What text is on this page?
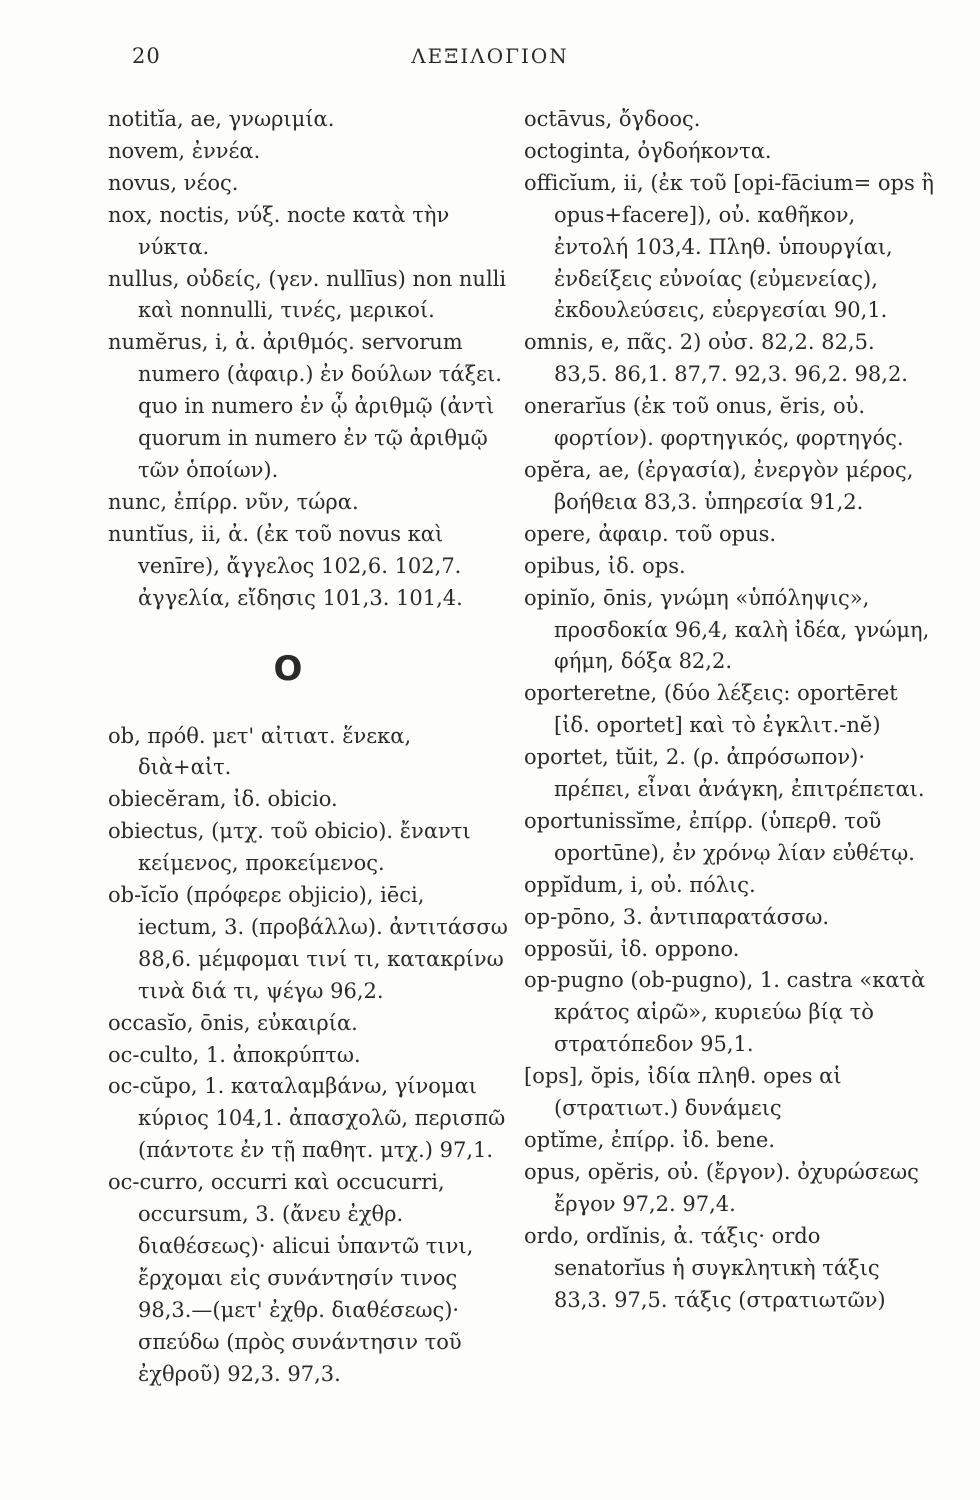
20	ΛΕΞΙΛΟΓΙΟΝ
notitĭa, ae, γνωριμία.
novem, ἐννέα.
novus, νέος.
nox, noctis, νύξ. nocte κατὰ τὴν νύκτα.
nullus, οὐδείς, (γεν. nullīus) non nulli καὶ nonnulli, τινές, μερικοί.
numĕrus, i, ἀ. ἀριθμός. servorum numero (ἀφαιρ.) ἐν δούλων τάξει. quo in numero ἐν ᾧ ἀριθμῷ (ἀντὶ quorum in numero ἐν τῷ ἀριθμῷ τῶν ὁποίων).
nunc, ἐπίρρ. νῦν, τώρα.
nuntĭus, ii, ἀ. (ἐκ τοῦ novus καὶ venīre), ἄγγελος 102,6. 102,7. ἀγγελία, εἴδησις 101,3. 101,4.
O
ob, πρόθ. μετ' αἰτιατ. ἕνεκα, διὰ+αἰτ.
obiecĕram, ἰδ. obicio.
obiectus, (μτχ. τοῦ obicio). ἔναντι κείμενος, προκείμενος.
ob-ĭcĭo (πρόφερε objicio), iēci, iectum, 3. (προβάλλω). ἀντιτάσσω 88,6. μέμφομαι τινί τι, κατακρίνω τινὰ διά τι, ψέγω 96,2.
occasĭo, ōnis, εὐκαιρία.
oc-culto, 1. ἀποκρύπτω.
oc-cŭpo, 1. καταλαμβάνω, γίνομαι κύριος 104,1. ἀπασχολῶ, περισπῶ (πάντοτε ἐν τῇ παθητ. μτχ.) 97,1.
oc-curro, occurri καὶ occucurri, occursum, 3. (ἄνευ ἐχθρ. διαθέσεως)· alicui ὑπαντῶ τινι, ἔρχομαι εἰς συνάντησίν τινος 98,3.—(μετ' ἐχθρ. διαθέσεως)· σπεύδω (πρὸς συνάντησιν τοῦ ἐχθροῦ) 92,3. 97,3.
octāvus, ὄγδοος.
octoginta, ὀγδοήκοντα.
officĭum, ii, (ἐκ τοῦ [opi-fācium= ops ἢ opus+facere]), οὐ. καθῆκον, ἐντολή 103,4. Πληθ. ὑπουργίαι, ἐνδείξεις εὐνοίας (εὐμενείας), ἐκδουλεύσεις, εὐεργεσίαι 90,1.
omnis, e, πᾶς. 2) οὐσ. 82,2. 82,5. 83,5. 86,1. 87,7. 92,3. 96,2. 98,2.
onerarĭus (ἐκ τοῦ onus, ĕris, οὐ. φορτίον). φορτηγικός, φορτηγός.
opĕra, ae, (ἐργασία), ἐνεργὸν μέρος, βοήθεια 83,3. ὑπηρεσία 91,2.
opere, ἀφαιρ. τοῦ opus.
opibus, ἰδ. ops.
opinĭo, ōnis, γνώμη «ὑπόληψις», προσδοκία 96,4, καλὴ ἰδέα, γνώμη, φήμη, δόξα 82,2.
oporteretne, (δύο λέξεις: oportēret [ἰδ. oportet] καὶ τὸ ἐγκλιτ.-nĕ)
oportet, tŭit, 2. (ρ. ἀπρόσωπον)· πρέπει, εἶναι ἀνάγκη, ἐπιτρέπεται.
oportunissĭme, ἐπίρρ. (ὑπερθ. τοῦ oportūne), ἐν χρόνῳ λίαν εὐθέτῳ.
oppĭdum, i, οὐ. πόλις.
op-pōno, 3. ἀντιπαρατάσσω.
opposŭi, ἰδ. oppono.
op-pugno (ob-pugno), 1. castra «κατὰ κράτος αἱρῶ», κυριεύω βίᾳ τὸ στρατόπεδον 95,1.
[ops], ŏpis, ἰδία πληθ. opes αἱ (στρατιωτ.) δυνάμεις
optĭme, ἐπίρρ. ἰδ. bene.
opus, opĕris, οὐ. (ἔργον). ὀχυρώσεως ἔργον 97,2. 97,4.
ordo, ordĭnis, ἀ. τάξις· ordo senatorĭus ἡ συγκλητικὴ τάξις 83,3. 97,5. τάξις (στρατιωτῶν)
